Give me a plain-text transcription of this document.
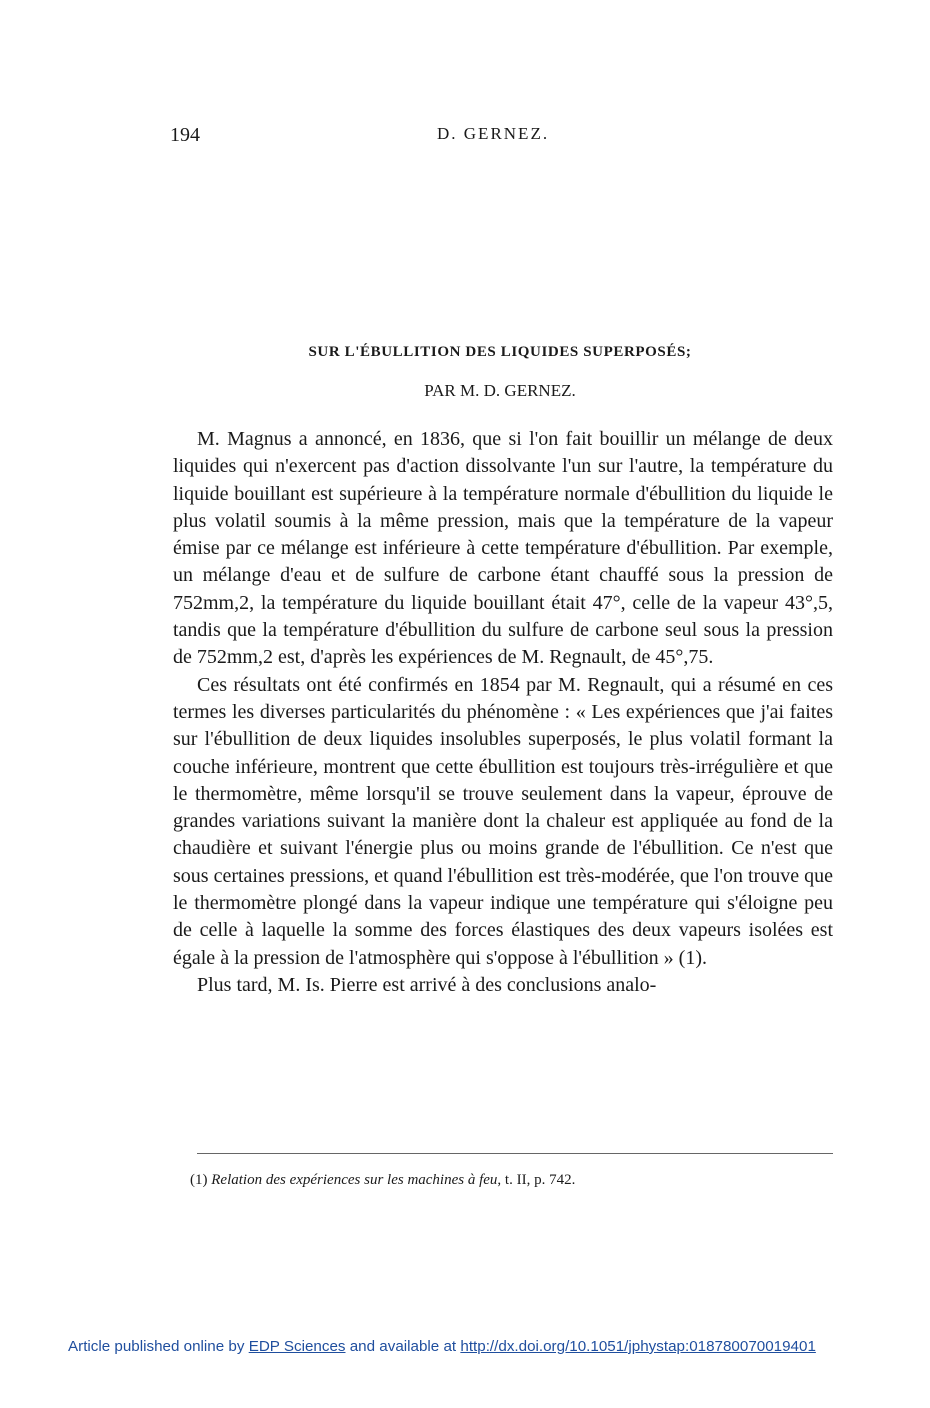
194	D. GERNEZ.
SUR L'ÉBULLITION DES LIQUIDES SUPERPOSÉS;
PAR M. D. GERNEZ.

M. Magnus a annoncé, en 1836, que si l'on fait bouillir un mélange de deux liquides qui n'exercent pas d'action dissolvante l'un sur l'autre, la température du liquide bouillant est supérieure à la température normale d'ébullition du liquide le plus volatil soumis à la même pression, mais que la température de la vapeur émise par ce mélange est inférieure à cette température d'ébullition. Par exemple, un mélange d'eau et de sulfure de carbone étant chauffé sous la pression de 752mm,2, la température du liquide bouillant était 47°, celle de la vapeur 43°,5, tandis que la température d'ébullition du sulfure de carbone seul sous la pression de 752mm,2 est, d'après les expériences de M. Regnault, de 45°,75.

Ces résultats ont été confirmés en 1854 par M. Regnault, qui a résumé en ces termes les diverses particularités du phénomène : « Les expériences que j'ai faites sur l'ébullition de deux liquides insolubles superposés, le plus volatil formant la couche inférieure, montrent que cette ébullition est toujours très-irrégulière et que le thermomètre, même lorsqu'il se trouve seulement dans la vapeur, éprouve de grandes variations suivant la manière dont la chaleur est appliquée au fond de la chaudière et suivant l'énergie plus ou moins grande de l'ébullition. Ce n'est que sous certaines pressions, et quand l'ébullition est très-modérée, que l'on trouve que le thermomètre plongé dans la vapeur indique une température qui s'éloigne peu de celle à laquelle la somme des forces élastiques des deux vapeurs isolées est égale à la pression de l'atmosphère qui s'oppose à l'ébullition » (1).

Plus tard, M. Is. Pierre est arrivé à des conclusions analo-

(1) Relation des expériences sur les machines à feu, t. II, p. 742.
Article published online by EDP Sciences and available at http://dx.doi.org/10.1051/jphystap:018780070019401
